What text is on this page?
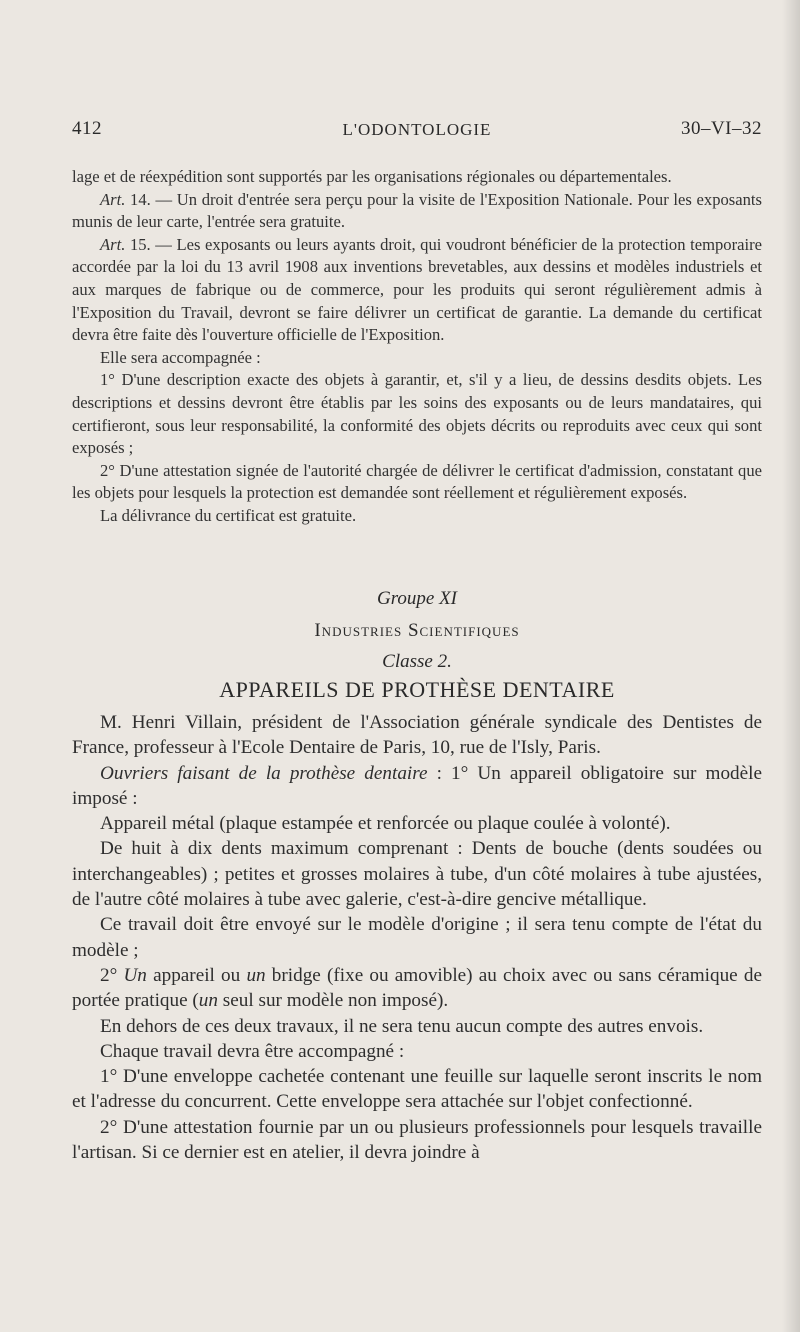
412	L'ODONTOLOGIE	30–VI–32

lage et de réexpédition sont supportés par les organisations régionales ou départementales.

Art. 14. — Un droit d'entrée sera perçu pour la visite de l'Exposition Nationale. Pour les exposants munis de leur carte, l'entrée sera gratuite.

Art. 15. — Les exposants ou leurs ayants droit, qui voudront bénéficier de la protection temporaire accordée par la loi du 13 avril 1908 aux inventions brevetables, aux dessins et modèles industriels et aux marques de fabrique ou de commerce, pour les produits qui seront régulièrement admis à l'Exposition du Travail, devront se faire délivrer un certificat de garantie. La demande du certificat devra être faite dès l'ouverture officielle de l'Exposition.

Elle sera accompagnée :

1° D'une description exacte des objets à garantir, et, s'il y a lieu, de dessins desdits objets. Les descriptions et dessins devront être établis par les soins des exposants ou de leurs mandataires, qui certifieront, sous leur responsabilité, la conformité des objets décrits ou reproduits avec ceux qui sont exposés ;

2° D'une attestation signée de l'autorité chargée de délivrer le certificat d'admission, constatant que les objets pour lesquels la protection est demandée sont réellement et régulièrement exposés.

La délivrance du certificat est gratuite.

Groupe XI

Industries Scientifiques

Classe 2.

APPAREILS DE PROTHÈSE DENTAIRE

M. Henri Villain, président de l'Association générale syndicale des Dentistes de France, professeur à l'Ecole Dentaire de Paris, 10, rue de l'Isly, Paris.

Ouvriers faisant de la prothèse dentaire : 1° Un appareil obligatoire sur modèle imposé :

Appareil métal (plaque estampée et renforcée ou plaque coulée à volonté).

De huit à dix dents maximum comprenant : Dents de bouche (dents soudées ou interchangeables) ; petites et grosses molaires à tube, d'un côté molaires à tube ajustées, de l'autre côté molaires à tube avec galerie, c'est-à-dire gencive métallique.

Ce travail doit être envoyé sur le modèle d'origine ; il sera tenu compte de l'état du modèle ;

2° Un appareil ou un bridge (fixe ou amovible) au choix avec ou sans céramique de portée pratique (un seul sur modèle non imposé).

En dehors de ces deux travaux, il ne sera tenu aucun compte des autres envois.

Chaque travail devra être accompagné :

1° D'une enveloppe cachetée contenant une feuille sur laquelle seront inscrits le nom et l'adresse du concurrent. Cette enveloppe sera attachée sur l'objet confectionné.

2° D'une attestation fournie par un ou plusieurs professionnels pour lesquels travaille l'artisan. Si ce dernier est en atelier, il devra joindre à
